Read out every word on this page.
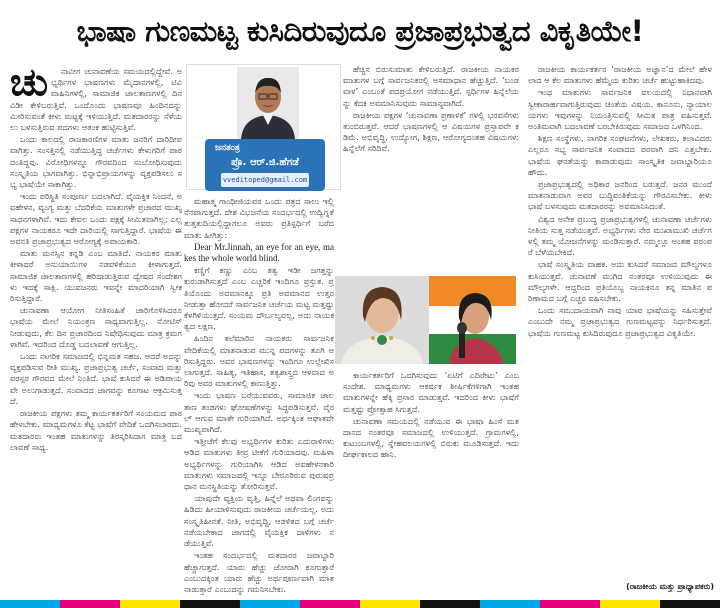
ಭಾಷಾ ಗುಣಮಟ್ಟ ಕುಸಿದಿರುವುದೂ ಪ್ರಜಾಪ್ರಭುತ್ವದ ವಿಕೃತಿಯೇ!
ಚು	ನಾವೀಗ ಚುನಾವಣೆಯ ಸಮಯದಲ್ಲಿದ್ದೇವೆ. ಅಭ್ಯರ್ಥಿಗಳ ಭಾಷಣಗಳು ಮೈದಾನಗಳಲ್ಲಿ, ಟಿವಿ ವಾಹಿನಿಗಳಲ್ಲಿ, ಸಾಮಾಜಿಕ ಜಾಲತಾಣಗಳಲ್ಲಿ ದಿನವಿಡೀ ಕೇಳಿಬರುತ್ತಿವೆ. ಒಂದೊಂದು ಭಾಷಣವೂ ಹಿಂದಿನದನ್ನು ಮೀರಿಸುವಂತೆ ಕೀಳು ಮಟ್ಟಕ್ಕೆ ಇಳಿಯುತ್ತಿದೆ. ಮತದಾರರನ್ನು ಸೆಳೆಯಲು ಬಳಸುತ್ತಿರುವ ಪದಗಳು ಆತಂಕ ಹುಟ್ಟಿಸುತ್ತಿವೆ.

ಒಂದು ಕಾಲದಲ್ಲಿ ರಾಜಕಾರಣಿಗಳ ಮಾತು ಜನರಿಗೆ ದಾರಿದೀಪವಾಗಿತ್ತು. ಸಂಸತ್ತಿನಲ್ಲಿ ನಡೆಯುತ್ತಿದ್ದ ಚರ್ಚೆಗಳು ಕೇಳುಗರಿಗೆ ಪಾಠದಂತಿದ್ದವು. ವಿರೋಧಿಗಳನ್ನೂ ಗೌರವದಿಂದ ಸಂಬೋಧಿಸುವುದು ಸಂಸ್ಕೃತಿಯ ಭಾಗವಾಗಿತ್ತು. ಭಿನ್ನಾಭಿಪ್ರಾಯಗಳನ್ನು ವ್ಯಕ್ತಪಡಿಸಲು ಸಭ್ಯ ಭಾಷೆಯೇ ಸಾಕಾಗಿತ್ತು.

ಇಂದು ಪರಿಸ್ಥಿತಿ ಸಂಪೂರ್ಣ ಬದಲಾಗಿದೆ. ವೈಯಕ್ತಿಕ ನಿಂದನೆ, ಅವಹೇಳನ, ವ್ಯಂಗ್ಯ ಮತ್ತು ಬೆದರಿಕೆಯ ಮಾತುಗಳೇ ಪ್ರಚಾರದ ಮುಖ್ಯ ಸಾಧನಗಳಾಗಿವೆ. ಇದು ಕೇವಲ ಒಂದು ಪಕ್ಷಕ್ಕೆ ಸೀಮಿತವಾಗಿಲ್ಲ; ಎಲ್ಲ ಪಕ್ಷಗಳ ನಾಯಕರೂ ಇದೇ ದಾರಿಯಲ್ಲಿ ಸಾಗುತ್ತಿದ್ದಾರೆ. ಭಾಷೆಯ ಈ ಅವನತಿ ಪ್ರಜಾಪ್ರಭುತ್ವದ ಆರೋಗ್ಯಕ್ಕೆ ಅಪಾಯಕಾರಿ.

ಮಾತು ಮನಸ್ಸಿನ ಕನ್ನಡಿ ಎಂಬ ಮಾತಿದೆ. ನಾಯಕರ ಮಾತು ಕೀಳಾದರೆ ಅನುಯಾಯಿಗಳ ನಡವಳಿಕೆಯೂ ಕೀಳಾಗುತ್ತದೆ. ಸಾಮಾಜಿಕ ಜಾಲತಾಣಗಳಲ್ಲಿ ಹರಿದಾಡುತ್ತಿರುವ ದ್ವೇಷದ ಸಂದೇಶಗಳು ಇದಕ್ಕೆ ಸಾಕ್ಷಿ. ಯುವಜನರು ಇವನ್ನೇ ಮಾದರಿಯಾಗಿ ಸ್ವೀಕರಿಸುತ್ತಿದ್ದಾರೆ.

ಚುನಾವಣಾ ಆಯೋಗ ನೀತಿಸಂಹಿತೆ ಜಾರಿಗೊಳಿಸಿದರೂ ಭಾಷೆಯ ಮೇಲೆ ನಿಯಂತ್ರಣ ಸಾಧ್ಯವಾಗುತ್ತಿಲ್ಲ. ನೋಟಿಸ್ ನೀಡುವುದು, ಕೆಲ ದಿನ ಪ್ರಚಾರದಿಂದ ನಿಷೇಧಿಸುವುದು ಮಾತ್ರ ಕ್ರಮಗಳಾಗಿವೆ. ಇದರಿಂದ ದೊಡ್ಡ ಬದಲಾವಣೆ ಆಗುತ್ತಿಲ್ಲ.

ಒಂದು ನಾಗರಿಕ ಸಮಾಜದಲ್ಲಿ ಭಿನ್ನಮತ ಸಹಜ. ಆದರೆ ಅದನ್ನು ವ್ಯಕ್ತಪಡಿಸುವ ರೀತಿ ಮುಖ್ಯ. ಪ್ರಜಾಪ್ರಭುತ್ವ ಚರ್ಚೆ, ಸಂವಾದ ಮತ್ತು ಪರಸ್ಪರ ಗೌರವದ ಮೇಲೆ ನಿಂತಿದೆ. ಭಾಷೆ ಕುಸಿದರೆ ಈ ಅಡಿಪಾಯವೇ ಅಲುಗಾಡುತ್ತದೆ. ಸಂವಾದದ ಜಾಗವನ್ನು ಕೂಗಾಟ ಆಕ್ರಮಿಸುತ್ತದೆ.

ರಾಜಕೀಯ ಪಕ್ಷಗಳು ತಮ್ಮ ಕಾರ್ಯಕರ್ತರಿಗೆ ಸಂಯಮದ ಪಾಠ ಹೇಳಬೇಕು. ಮಾಧ್ಯಮಗಳೂ ಕೆಟ್ಟ ಭಾಷೆಗೆ ವೇದಿಕೆ ಒದಗಿಸಬಾರದು. ಮತದಾರರು ಇಂತಹ ಮಾತುಗಳನ್ನು ತಿರಸ್ಕರಿಸಿದಾಗ ಮಾತ್ರ ಬದಲಾವಣೆ ಸಾಧ್ಯ.

ಜನತಂತ್ರ
ಪ್ರೊ. ಆರ್.ಜಿ.ಹೆಗಡೆ
vveditoped@gmail.com

ಮಹಾತ್ಮ ಗಾಂಧೀಜಿಯವರ ಒಂದು ಪತ್ರದ ಸಾಲು ಇಲ್ಲಿ ನೆನಪಾಗುತ್ತದೆ. ದೇಶ ವಿಭಜನೆಯ ಸಂದರ್ಭದಲ್ಲಿ ಉದ್ವಿಗ್ನತೆ ತುತ್ತತುದಿಯಲ್ಲಿದ್ದಾಗಲೂ ಅವರು ಪ್ರತಿಸ್ಪರ್ಧಿಗೆ ಬರೆದ ಮಾತು ಹೀಗಿತ್ತು:

Dear Mr.Jinnah, an eye for an eye, makes the whole world blind.

ಕಣ್ಣಿಗೆ ಕಣ್ಣು ಎಂಬ ತತ್ವ ಇಡೀ ಜಗತ್ತನ್ನು ಕುರುಡಾಗಿಸುತ್ತದೆ ಎಂಬ ಎಚ್ಚರಿಕೆ ಇಂದಿಗೂ ಪ್ರಸ್ತುತ. ಪ್ರತಿಯೊಂದು ಅವಮಾನಕ್ಕೂ ಪ್ರತಿ ಅವಮಾನದ ಉತ್ತರ ನೀಡುತ್ತಾ ಹೋದರೆ ಸಾರ್ವಜನಿಕ ಚರ್ಚೆಯ ಮಟ್ಟ ಮತ್ತಷ್ಟು ಕೆಳಗಿಳಿಯುತ್ತದೆ. ಸಂಯಮ ದೌರ್ಬಲ್ಯವಲ್ಲ, ಅದು ನಾಯಕತ್ವದ ಲಕ್ಷಣ.

ಹಿಂದಿನ ತಲೆಮಾರಿನ ನಾಯಕರು ಸಾರ್ವಜನಿಕ ವೇದಿಕೆಯಲ್ಲಿ ಮಾತನಾಡುವ ಮುನ್ನ ಪದಗಳನ್ನು ತೂಗಿ ಆರಿಸುತ್ತಿದ್ದರು. ಅವರ ಭಾಷಣಗಳನ್ನು ಇಂದಿಗೂ ಉಲ್ಲೇಖಿಸಲಾಗುತ್ತದೆ. ಸಾಹಿತ್ಯ, ಇತಿಹಾಸ, ತತ್ವಶಾಸ್ತ್ರದ ಆಳವಾದ ಅರಿವು ಅವರ ಮಾತುಗಳಲ್ಲಿ ಕಾಣುತ್ತಿತ್ತು.

ಇಂದು ಭಾಷಣ ಬರೆಯುವವರು, ಸಾಮಾಜಿಕ ಜಾಲತಾಣ ತಂಡಗಳು ಘೋಷಣೆಗಳನ್ನು ಸಿದ್ಧಪಡಿಸುತ್ತವೆ. ವೈರಲ್ ಆಗುವ ಮಾತೇ ಗುರಿಯಾಗಿದೆ. ಅರ್ಥಕ್ಕಿಂತ ಆಘಾತವೇ ಮುಖ್ಯವಾಗಿದೆ.

ಇತ್ತೀಚೆಗೆ ಕೆಲವು ಅಭ್ಯರ್ಥಿಗಳ ಕುರಿತು ಎದುರಾಳಿಗಳು ಆಡಿದ ಮಾತುಗಳು ತೀವ್ರ ಟೀಕೆಗೆ ಗುರಿಯಾದವು. ಮಹಿಳಾ ಅಭ್ಯರ್ಥಿಗಳನ್ನು ಗುರಿಯಾಗಿಸಿ ಆಡಿದ ಅವಹೇಳನಕಾರಿ ಮಾತುಗಳು ಸಮಾಜದಲ್ಲಿ ಇನ್ನೂ ಬೇರೂರಿರುವ ಪುರುಷಪ್ರಧಾನ ಮನಸ್ಥಿತಿಯನ್ನು ತೋರಿಸುತ್ತವೆ.

ಯಾವುದೇ ವ್ಯಕ್ತಿಯ ವೃತ್ತಿ, ಹಿನ್ನೆಲೆ ಅಥವಾ ಲಿಂಗವನ್ನು ಹಿಡಿದು ಹೀಯಾಳಿಸುವುದು ರಾಜಕೀಯ ಚರ್ಚೆಯಲ್ಲ. ಅದು ಸಂಸ್ಕೃತಿಹೀನತೆ. ನೀತಿ, ಅಭಿವೃದ್ಧಿ, ಆಡಳಿತದ ಬಗ್ಗೆ ಚರ್ಚೆ ನಡೆಯಬೇಕಾದ ಜಾಗದಲ್ಲಿ ವೈಯಕ್ತಿಕ ದಾಳಿಗಳು ನಡೆಯುತ್ತಿವೆ.

ಇಂತಹ ಸಂದರ್ಭದಲ್ಲಿ ಮತದಾರರ ಜವಾಬ್ದಾರಿ ಹೆಚ್ಚಾಗುತ್ತದೆ. ಯಾರು ಹೆಚ್ಚು ಜೋರಾಗಿ ಕೂಗುತ್ತಾರೆ ಎಂಬುದಕ್ಕಿಂತ ಯಾರು ಹೆಚ್ಚು ಅರ್ಥಪೂರ್ಣವಾಗಿ ಮಾತನಾಡುತ್ತಾರೆ ಎಂಬುದನ್ನು ಗಮನಿಸಬೇಕು.

ಹೆಚ್ಚಿನ ಬಿರುಸುಮಾತು ಕೇಳಿಬರುತ್ತಿದೆ. ರಾಜಕೀಯ ನಾಯಕರ ಮಾತುಗಳ ಬಗ್ಗೆ ಸಾರ್ವಜನಿಕರಲ್ಲಿ ಅಸಮಾಧಾನ ಹೆಚ್ಚುತ್ತಿದೆ. ‘ಬಂಡವಾಳ’ ಎಂಬಂತೆ ಪದಪ್ರಯೋಗ ನಡೆಯುತ್ತಿದೆ. ಸ್ಪರ್ಧಿಗಳ ಹಿನ್ನೆಲೆಯನ್ನು ಕೆದಕಿ ಅವಮಾನಿಸುವುದು ಸಾಮಾನ್ಯವಾಗಿದೆ.

ರಾಜಕೀಯ ಪಕ್ಷಗಳ ‘ಚುನಾವಣಾ ಪ್ರಣಾಳಿಕೆ’ ಗಳಲ್ಲಿ ಭರವಸೆಗಳು ತುಂಬಿರುತ್ತವೆ. ಆದರೆ ಭಾಷಣಗಳಲ್ಲಿ ಆ ವಿಷಯಗಳ ಪ್ರಸ್ತಾಪವೇ ಕಡಿಮೆ. ಅಭಿವೃದ್ಧಿ, ಉದ್ಯೋಗ, ಶಿಕ್ಷಣ, ಆರೋಗ್ಯದಂತಹ ವಿಷಯಗಳು ಹಿನ್ನೆಲೆಗೆ ಸರಿದಿವೆ.

ಕಾರ್ಯಕರ್ತರಿಗೆ ಒದಗಿಸುವುದು ‘ಏಟಿಗೆ ಎದಿರೇಟು’ ಎಂಬ ಸಂದೇಶ. ಮಾಧ್ಯಮಗಳು ಆಕರ್ಷಕ ಶೀರ್ಷಿಕೆಗಳಿಗಾಗಿ ಇಂತಹ ಮಾತುಗಳನ್ನೇ ಹೆಕ್ಕಿ ಪ್ರಸಾರ ಮಾಡುತ್ತವೆ. ಇದರಿಂದ ಕೀಳು ಭಾಷೆಗೆ ಮತ್ತಷ್ಟು ಪ್ರೋತ್ಸಾಹ ಸಿಗುತ್ತದೆ.

ಚುನಾವಣಾ ಸಮಯದಲ್ಲಿ ನಡೆಯುವ ಈ ಭಾಷಾ ಹಿಂಸೆ ಮತದಾನದ ನಂತರವೂ ಸಮಾಜದಲ್ಲಿ ಉಳಿಯುತ್ತದೆ. ಗ್ರಾಮಗಳಲ್ಲಿ, ಕುಟುಂಬಗಳಲ್ಲಿ, ಸ್ನೇಹವಲಯಗಳಲ್ಲಿ ಬಿರುಕು ಮೂಡಿಸುತ್ತದೆ. ಇದು ದೀರ್ಘಕಾಲದ ಹಾನಿ.

ರಾಜಕೀಯ ಕಾರ್ಯಕರ್ತರ ‘ರಾಜಕೀಯ ಅಜ್ಞಾನ’ದ ಮೇಲೆ ಹೇಳಲಾದ ಆ ಕೆಲ ಮಾತುಗಳು ಹೆಮ್ಮೆಯ ಕುರಿತು ಚರ್ಚೆ ಹುಟ್ಟುಹಾಕಿದವು.

ಇಂಥ ಮಾತುಗಳು ಸಾರ್ವಜನಿಕ ವಲಯದಲ್ಲಿ ನಿಧಾನವಾಗಿ ಸ್ವೀಕಾರಾರ್ಹವಾಗುತ್ತಿರುವುದು ಚಿಂತೆಯ ವಿಷಯ. ಕಾನೂನು, ನ್ಯಾಯಾಲಯಗಳು ಇವುಗಳನ್ನು ನಿಯಂತ್ರಿಸುವಲ್ಲಿ ಸೀಮಿತ ಪಾತ್ರ ವಹಿಸುತ್ತವೆ. ಅಂತಿಮವಾಗಿ ಬದಲಾವಣೆ ಬರಬೇಕಿರುವುದು ಸಮಾಜದ ಒಳಗಿನಿಂದ.

ಶಿಕ್ಷಣ ಸಂಸ್ಥೆಗಳು, ನಾಗರಿಕ ಸಂಘಟನೆಗಳು, ಲೇಖಕರು, ಕಲಾವಿದರು ಎಲ್ಲರೂ ಸಭ್ಯ ಸಾರ್ವಜನಿಕ ಸಂವಾದದ ಪರವಾಗಿ ದನಿ ಎತ್ತಬೇಕು. ಭಾಷೆಯ ಘನತೆಯನ್ನು ಕಾಪಾಡುವುದು ಸಾಂಸ್ಕೃತಿಕ ಜವಾಬ್ದಾರಿಯೂ ಹೌದು.

ಪ್ರಜಾಪ್ರಭುತ್ವದಲ್ಲಿ ಅಧಿಕಾರ ಜನರಿಂದ ಬರುತ್ತದೆ. ಜನರ ಮುಂದೆ ಮಾತನಾಡುವಾಗ ಅವರ ಬುದ್ಧಿವಂತಿಕೆಯನ್ನು ಗೌರವಿಸಬೇಕು. ಕೀಳು ಭಾಷೆ ಬಳಸುವುದು ಮತದಾರರನ್ನು ಅವಮಾನಿಸಿದಂತೆ.

ವಿಶ್ವದ ಅನೇಕ ಪ್ರಬುದ್ಧ ಪ್ರಜಾಪ್ರಭುತ್ವಗಳಲ್ಲಿ ಚುನಾವಣಾ ಚರ್ಚೆಗಳು ನೀತಿಯ ಸುತ್ತ ನಡೆಯುತ್ತವೆ. ಅಭ್ಯರ್ಥಿಗಳು ನೇರ ಮುಖಾಮುಖಿ ಚರ್ಚೆಗಳಲ್ಲಿ ತಮ್ಮ ಯೋಜನೆಗಳನ್ನು ಮಂಡಿಸುತ್ತಾರೆ. ನಮ್ಮಲ್ಲೂ ಅಂತಹ ಪರಂಪರೆ ಬೆಳೆಯಬೇಕಿದೆ.

ಭಾಷೆ ಸಂಸ್ಕೃತಿಯ ವಾಹಕ. ಅದು ಕುಸಿದರೆ ಸಮಾಜದ ಮೌಲ್ಯಗಳೂ ಕುಸಿಯುತ್ತವೆ. ಚುನಾವಣೆ ಮುಗಿದ ನಂತರವೂ ಉಳಿಯುವುದು ಈ ಮೌಲ್ಯಗಳೇ. ಆದ್ದರಿಂದ ಪ್ರತಿಯೊಬ್ಬ ನಾಯಕನೂ ತನ್ನ ಮಾತಿನ ಪರಿಣಾಮದ ಬಗ್ಗೆ ಎಚ್ಚರ ವಹಿಸಬೇಕು.

ಒಂದು ಸಮುದಾಯವಾಗಿ ನಾವು ಯಾವ ಭಾಷೆಯನ್ನು ಸಹಿಸುತ್ತೇವೆ ಎಂಬುದೇ ನಮ್ಮ ಪ್ರಜಾಪ್ರಭುತ್ವದ ಗುಣಮಟ್ಟವನ್ನು ನಿರ್ಧರಿಸುತ್ತದೆ. ಭಾಷೆಯ ಗುಣಮಟ್ಟ ಕುಸಿದಿರುವುದೂ ಪ್ರಜಾಪ್ರಭುತ್ವದ ವಿಕೃತಿಯೇ.

(ರಾಜಕೀಯ ಮತ್ತು ಪ್ರಾಧ್ಯಾಪಕರು)
